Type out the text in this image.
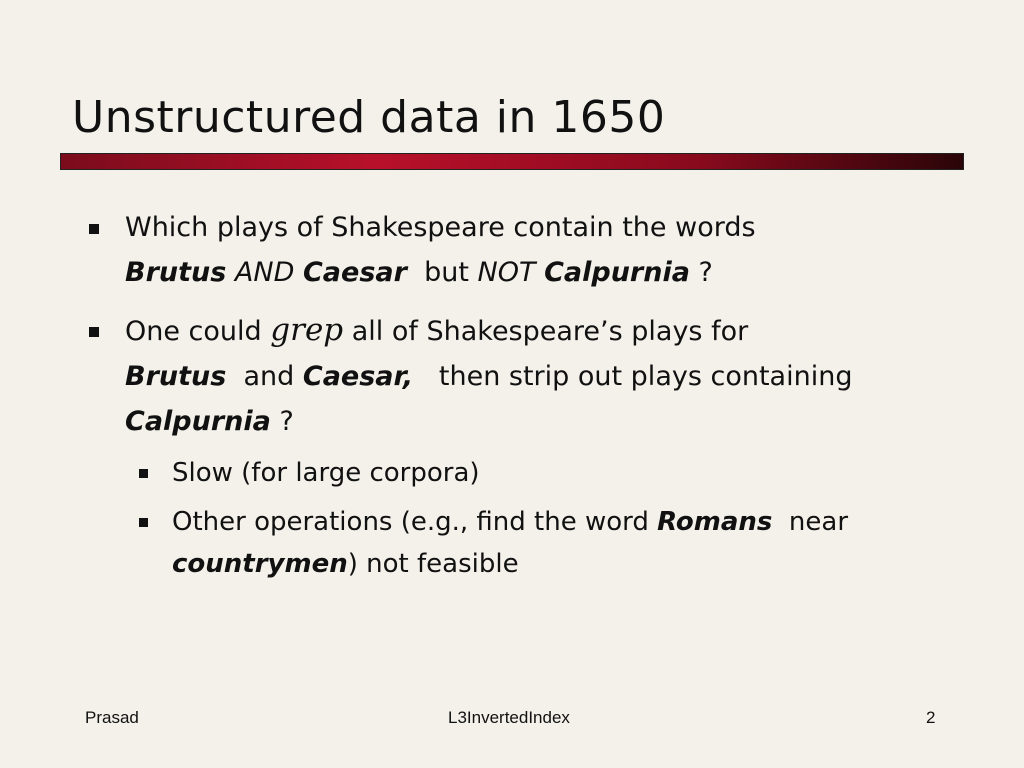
Unstructured data in 1650
Which plays of Shakespeare contain the words
Brutus AND Caesar but NOT Calpurnia ?
One could grep all of Shakespeare’s plays for
Brutus and Caesar, then strip out plays containing
Calpurnia ?
Slow (for large corpora)
Other operations (e.g., find the word Romans near
countrymen) not feasible
Prasad	L3InvertedIndex	2
